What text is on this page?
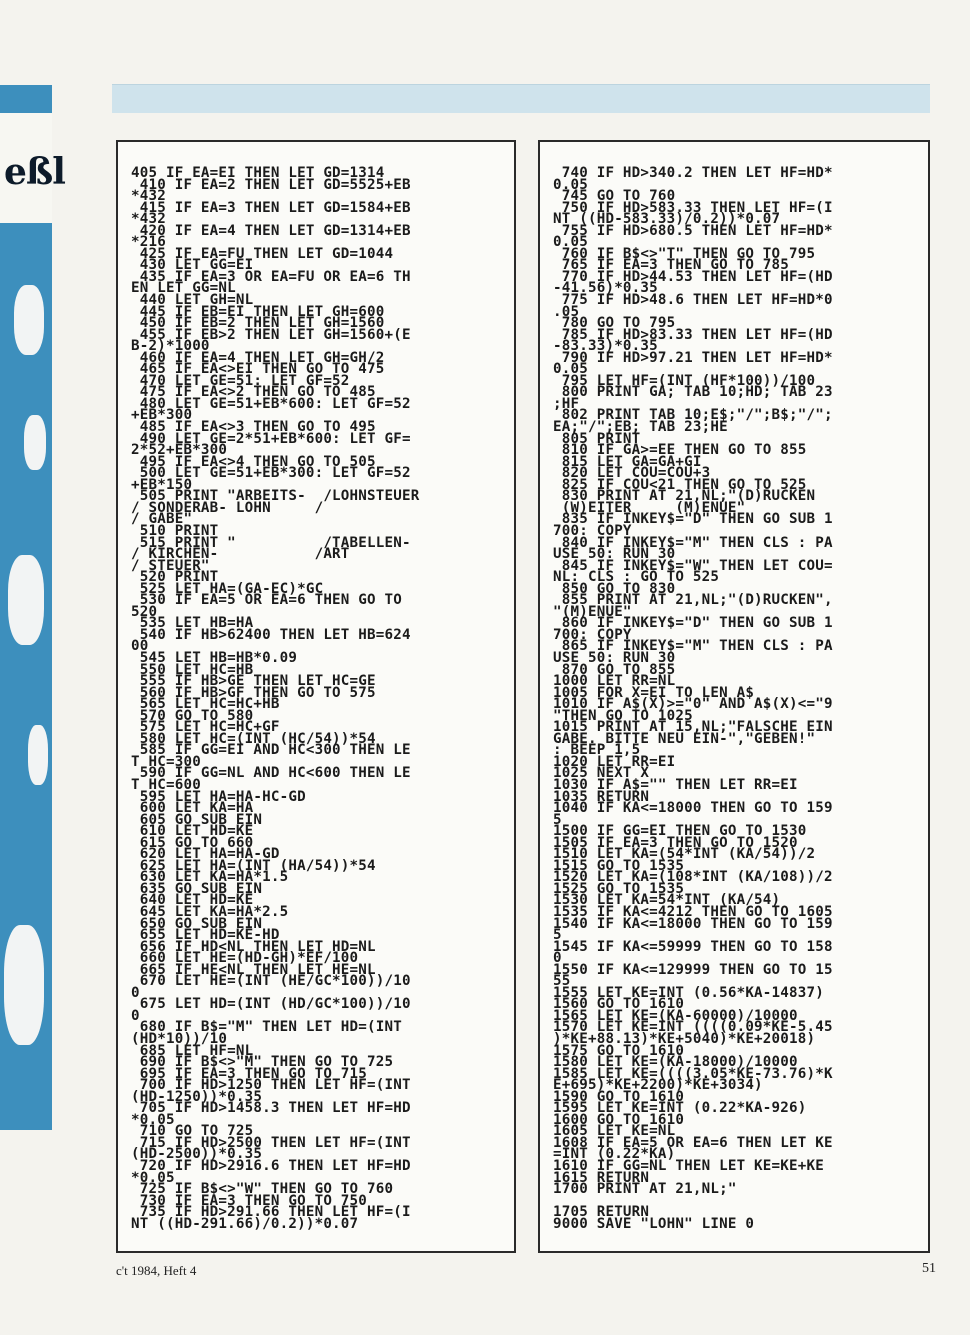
eßl	405 IF EA=EI THEN LET GD=1314
410 IF EA=2 THEN LET GD=5525+EB
*432
415 IF EA=3 THEN LET GD=1584+EB
*432
420 IF EA=4 THEN LET GD=1314+EB
*216
425 IF EA=FU THEN LET GD=1044
430 LET GG=EI
435 IF EA=3 OR EA=FU OR EA=6 TH
EN LET GG=NL
440 LET GH=NL
445 IF EB=EI THEN LET GH=600
450 IF EB=2 THEN LET GH=1560
455 IF EB>2 THEN LET GH=1560+(E
B-2)*1000
460 IF EA=4 THEN LET GH=GH/2
465 IF EA<>EI THEN GO TO 475
470 LET GE=51: LET GF=52
475 IF EA<>2 THEN GO TO 485
480 LET GE=51+EB*600: LET GF=52
+EB*300
485 IF EA<>3 THEN GO TO 495
490 LET GE=2*51+EB*600: LET GF=
2*52+EB*300
495 IF EA<>4 THEN GO TO 505
500 LET GE=51+EB*300: LET GF=52
+EB*150
505 PRINT "ARBEITS-  /LOHNSTEUER
/ SONDERAB- LOHN     /
/ GABE"
510 PRINT
515 PRINT "          /TABELLEN-
/ KIRCHEN-           /ART
/ STEUER"
520 PRINT
525 LET HA=(GA-EC)*GC
530 IF EA=5 OR EA=6 THEN GO TO
520
535 LET HB=HA
540 IF HB>62400 THEN LET HB=624
00
545 LET HB=HB*0.09
550 LET HC=HB
555 IF HB>GE THEN LET HC=GE
560 IF HB>GF THEN GO TO 575
565 LET HC=HC+HB
570 GO TO 580
575 LET HC=HC+GF
580 LET HC=(INT (HC/54))*54
585 IF GG=EI AND HC<300 THEN LE
T HC=300
590 IF GG=NL AND HC<600 THEN LE
T HC=600
595 LET HA=HA-HC-GD
600 LET KA=HA
605 GO SUB EIN
610 LET HD=KE
615 GO TO 660
620 LET HA=HA-GD
625 LET HA=(INT (HA/54))*54
630 LET KA=HA*1.5
635 GO SUB EIN
640 LET HD=KE
645 LET KA=HA*2.5
650 GO SUB EIN
655 LET HD=KE-HD
656 IF HD<NL THEN LET HD=NL
660 LET HE=(HD-GH)*EF/100
665 IF HE<NL THEN LET HE=NL
670 LET HE=(INT (HE/GC*100))/10
0
675 LET HD=(INT (HD/GC*100))/10
0
680 IF B$="M" THEN LET HD=(INT
(HD*10))/10
685 LET HF=NL
690 IF B$<>"M" THEN GO TO 725
695 IF EA=3 THEN GO TO 715
700 IF HD>1250 THEN LET HF=(INT
(HD-1250))*0.35
705 IF HD>1458.3 THEN LET HF=HD
*0.05
710 GO TO 725
715 IF HD>2500 THEN LET HF=(INT
(HD-2500))*0.35
720 IF HD>2916.6 THEN LET HF=HD
*0.05
725 IF B$<>"W" THEN GO TO 760
730 IF EA=3 THEN GO TO 750
735 IF HD>291.66 THEN LET HF=(I
NT ((HD-291.66)/0.2))*0.07
740 IF HD>340.2 THEN LET HF=HD*
0.05
745 GO TO 760
750 IF HD>583.33 THEN LET HF=(I
NT ((HD-583.33)/0.2))*0.07
755 IF HD>680.5 THEN LET HF=HD*
0.05
760 IF B$<>"T" THEN GO TO 795
765 IF EA=3 THEN GO TO 785
770 IF HD>44.53 THEN LET HF=(HD
-41.56)*0.35
775 IF HD>48.6 THEN LET HF=HD*0
.05
780 GO TO 795
785 IF HD>83.33 THEN LET HF=(HD
-83.33)*0.35
790 IF HD>97.21 THEN LET HF=HD*
0.05
795 LET HF=(INT (HF*100))/100
800 PRINT GA; TAB 10;HD; TAB 23
;HF
802 PRINT TAB 10;E$;"/";B$;"/";
EA;"/";EB; TAB 23;HE
805 PRINT
810 IF GA>=EE THEN GO TO 855
815 LET GA=GA+GI
820 LET COU=COU+3
825 IF COU<21 THEN GO TO 525
830 PRINT AT 21,NL;"(D)RUCKEN
(W)EITER     (M)ENUE"
835 IF INKEY$="D" THEN GO SUB 1
700: COPY
840 IF INKEY$="M" THEN CLS : PA
USE 50: RUN 30
845 IF INKEY$="W" THEN LET COU=
NL: CLS : GO TO 525
850 GO TO 830
855 PRINT AT 21,NL;"(D)RUCKEN",
"(M)ENUE"
860 IF INKEY$="D" THEN GO SUB 1
700: COPY
865 IF INKEY$="M" THEN CLS : PA
USE 50: RUN 30
870 GO TO 855
1000 LET RR=NL
1005 FOR X=EI TO LEN A$
1010 IF A$(X)>="0" AND A$(X)<="9
"THEN GO TO 1025
1015 PRINT AT 15,NL;"FALSCHE EIN
GABE. BITTE NEU EIN-","GEBEN!"
: BEEP 1,5
1020 LET RR=EI
1025 NEXT X
1030 IF A$="" THEN LET RR=EI
1035 RETURN
1040 IF KA<=18000 THEN GO TO 159
5
1500 IF GG=EI THEN GO TO 1530
1505 IF EA=3 THEN GO TO 1520
1510 LET KA=(54*INT (KA/54))/2
1515 GO TO 1535
1520 LET KA=(108*INT (KA/108))/2
1525 GO TO 1535
1530 LET KA=54*INT (KA/54)
1535 IF KA<=4212 THEN GO TO 1605
1540 IF KA<=18000 THEN GO TO 159
5
1545 IF KA<=59999 THEN GO TO 158
0
1550 IF KA<=129999 THEN GO TO 15
55
1555 LET KE=INT (0.56*KA-14837)
1560 GO TO 1610
1565 LET KE=(KA-60000)/10000
1570 LET KE=INT ((((0.09*KE-5.45
)*KE+88.13)*KE+5040)*KE+20018)
1575 GO TO 1610
1580 LET KE=(KA-18000)/10000
1585 LET KE=((((3.05*KE-73.76)*K
E+695)*KE+2200)*KE+3034)
1590 GO TO 1610
1595 LET KE=INT (0.22*KA-926)
1600 GO TO 1610
1605 LET KE=NL
1608 IF EA=5 OR EA=6 THEN LET KE
=INT (0.22*KA)
1610 IF GG=NL THEN LET KE=KE+KE
1615 RETURN
1700 PRINT AT 21,NL;"

1705 RETURN
9000 SAVE "LOHN" LINE 0
c't 1984, Heft 4	51
